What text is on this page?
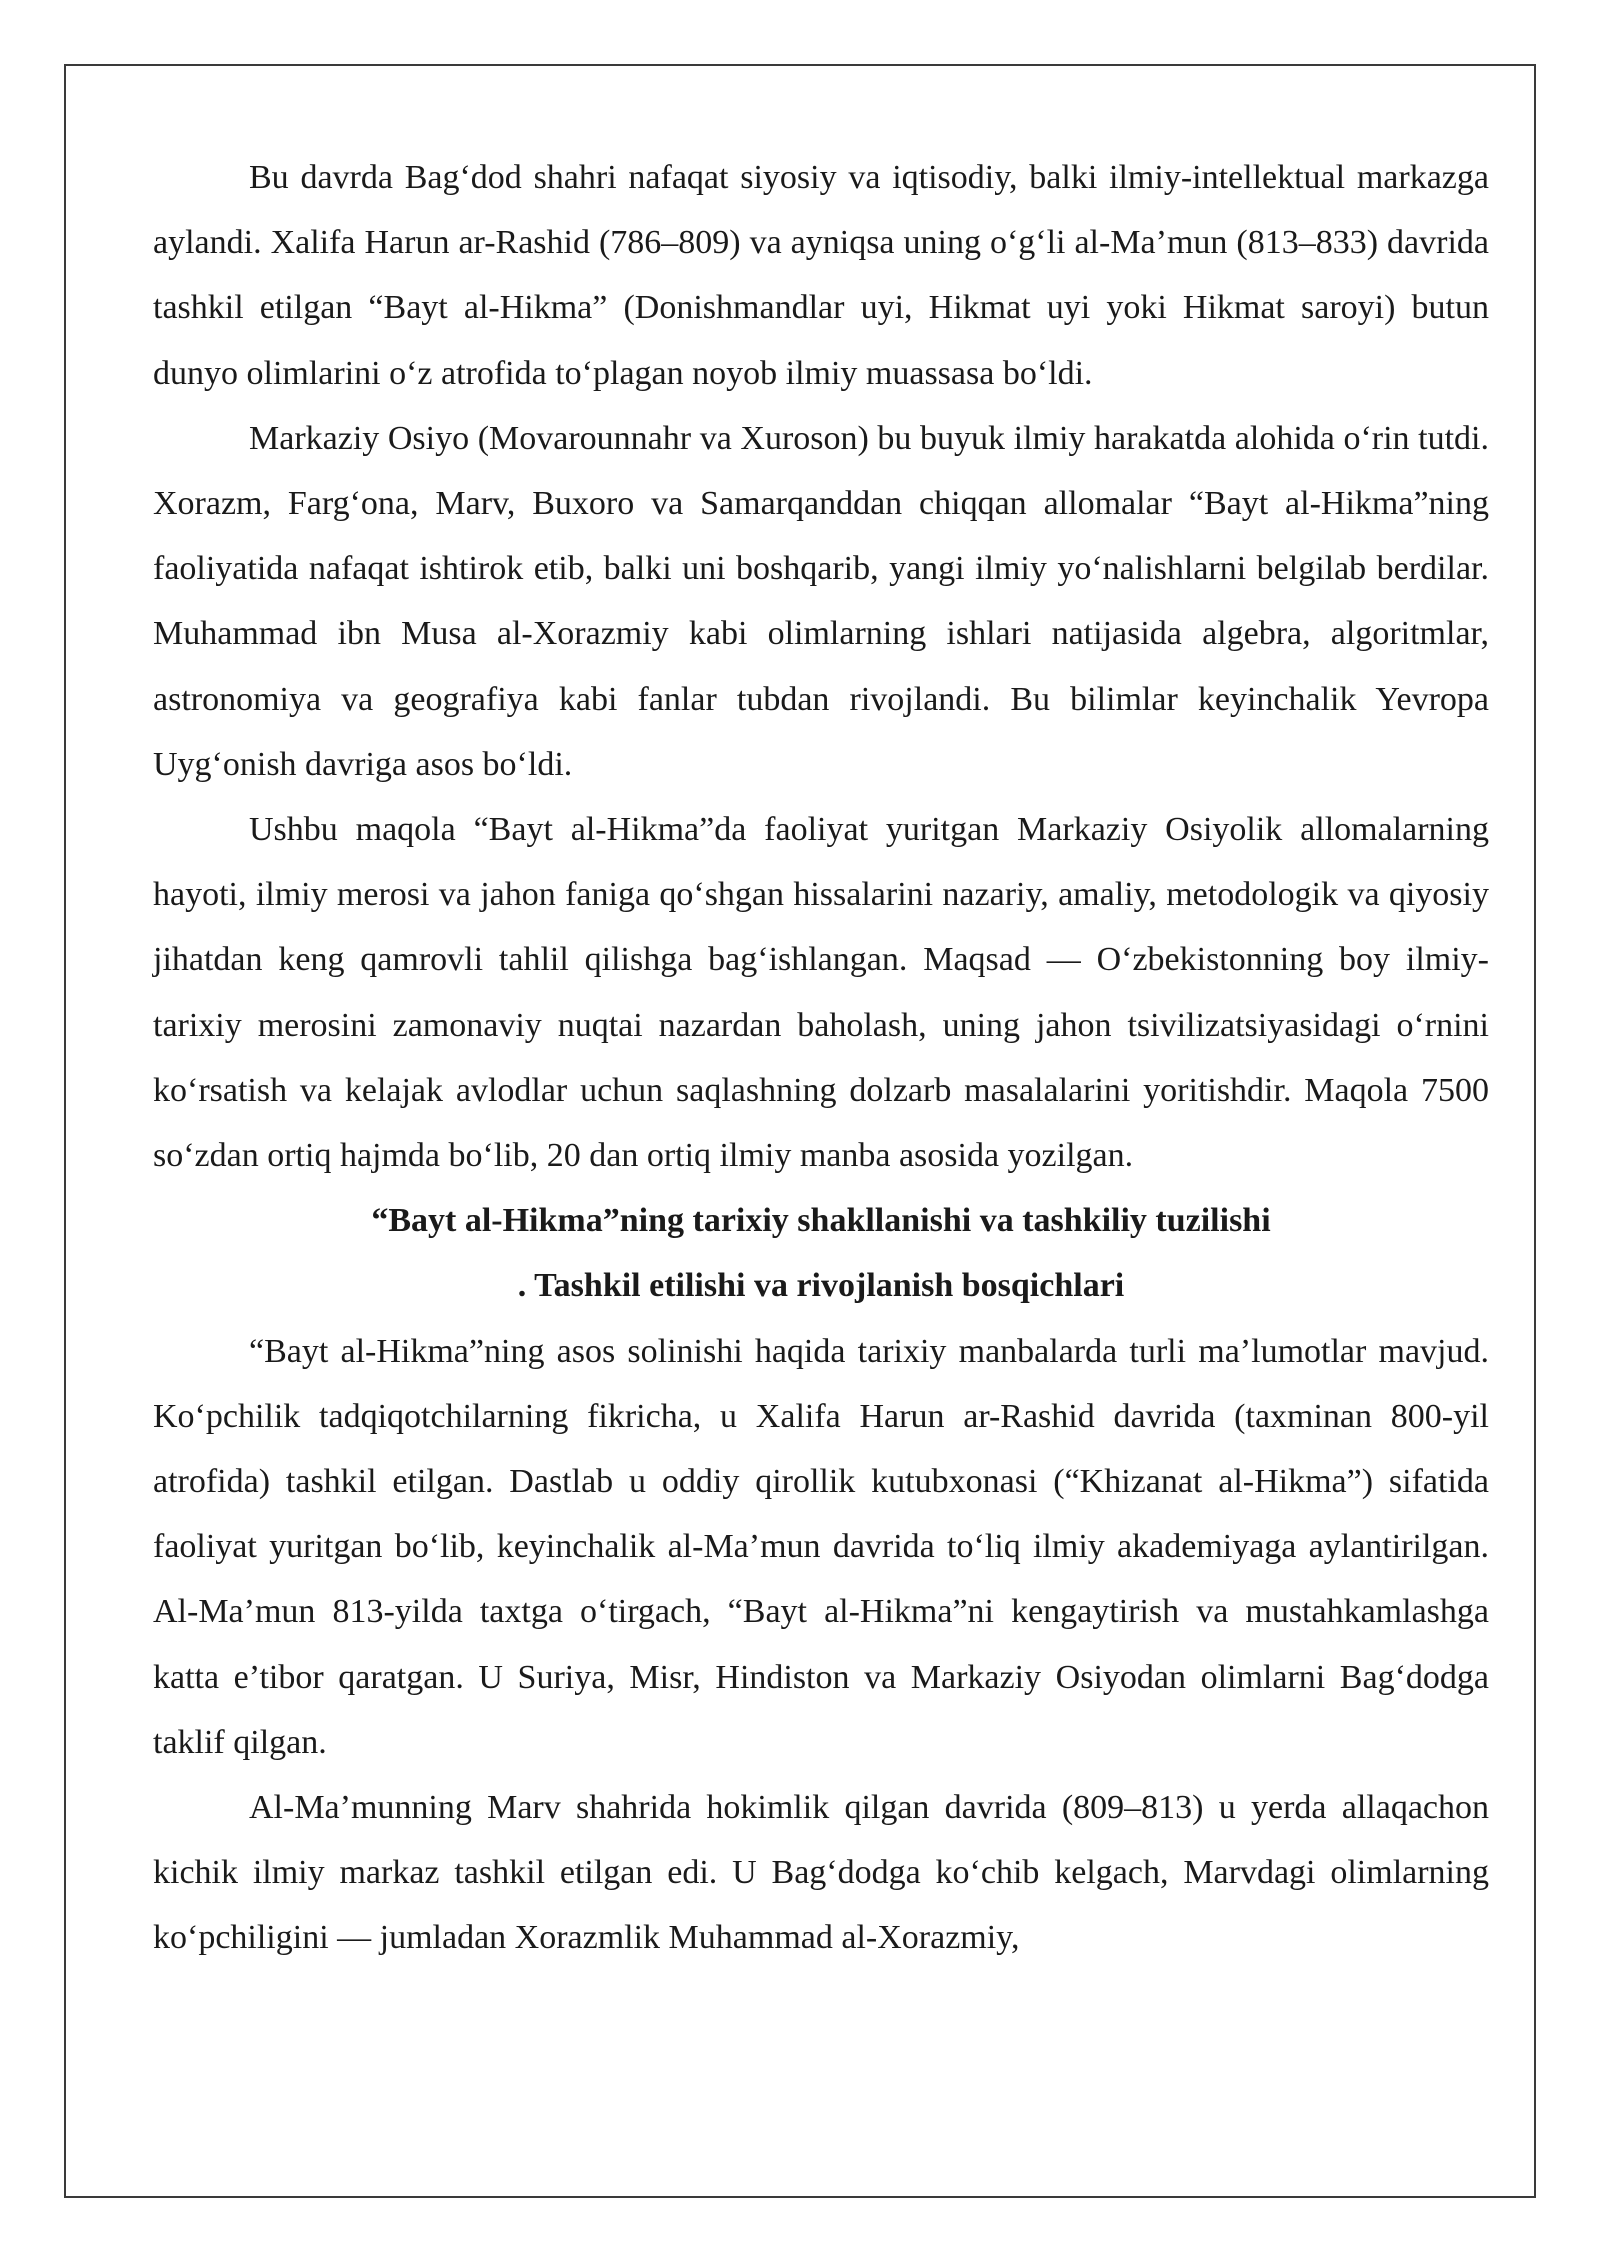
Bu davrda Bag‘dod shahri nafaqat siyosiy va iqtisodiy, balki ilmiy-intellektual markazga aylandi. Xalifa Harun ar-Rashid (786–809) va ayniqsa uning o‘g‘li al-Ma’mun (813–833) davrida tashkil etilgan “Bayt al-Hikma” (Donishmandlar uyi, Hikmat uyi yoki Hikmat saroyi) butun dunyo olimlarini o‘z atrofida to‘plagan noyob ilmiy muassasa bo‘ldi.

Markaziy Osiyo (Movarounnahr va Xuroson) bu buyuk ilmiy harakatda alohida o‘rin tutdi. Xorazm, Farg‘ona, Marv, Buxoro va Samarqanddan chiqqan allomalar “Bayt al-Hikma”ning faoliyatida nafaqat ishtirok etib, balki uni boshqarib, yangi ilmiy yo‘nalishlarni belgilab berdilar. Muhammad ibn Musa al-Xorazmiy kabi olimlarning ishlari natijasida algebra, algoritmlar, astronomiya va geografiya kabi fanlar tubdan rivojlandi. Bu bilimlar keyinchalik Yevropa Uyg‘onish davriga asos bo‘ldi.

Ushbu maqola “Bayt al-Hikma”da faoliyat yuritgan Markaziy Osiyolik allomalarning hayoti, ilmiy merosi va jahon faniga qo‘shgan hissalarini nazariy, amaliy, metodologik va qiyosiy jihatdan keng qamrovli tahlil qilishga bag‘ishlangan. Maqsad — O‘zbekistonning boy ilmiy-tarixiy merosini zamonaviy nuqtai nazardan baholash, uning jahon tsivilizatsiyasidagi o‘rnini ko‘rsatish va kelajak avlodlar uchun saqlashning dolzarb masalalarini yoritishdir. Maqola 7500 so‘zdan ortiq hajmda bo‘lib, 20 dan ortiq ilmiy manba asosida yozilgan.

“Bayt al-Hikma”ning tarixiy shakllanishi va tashkiliy tuzilishi

. Tashkil etilishi va rivojlanish bosqichlari

“Bayt al-Hikma”ning asos solinishi haqida tarixiy manbalarda turli ma’lumotlar mavjud. Ko‘pchilik tadqiqotchilarning fikricha, u Xalifa Harun ar-Rashid davrida (taxminan 800-yil atrofida) tashkil etilgan. Dastlab u oddiy qirollik kutubxonasi (“Khizanat al-Hikma”) sifatida faoliyat yuritgan bo‘lib, keyinchalik al-Ma’mun davrida to‘liq ilmiy akademiyaga aylantirilgan. Al-Ma’mun 813-yilda taxtga o‘tirgach, “Bayt al-Hikma”ni kengaytirish va mustahkamlashga katta e’tibor qaratgan. U Suriya, Misr, Hindiston va Markaziy Osiyodan olimlarni Bag‘dodga taklif qilgan.

Al-Ma’munning Marv shahrida hokimlik qilgan davrida (809–813) u yerda allaqachon kichik ilmiy markaz tashkil etilgan edi. U Bag‘dodga ko‘chib kelgach, Marvdagi olimlarning ko‘pchiligini — jumladan Xorazmlik Muhammad al-Xorazmiy,
